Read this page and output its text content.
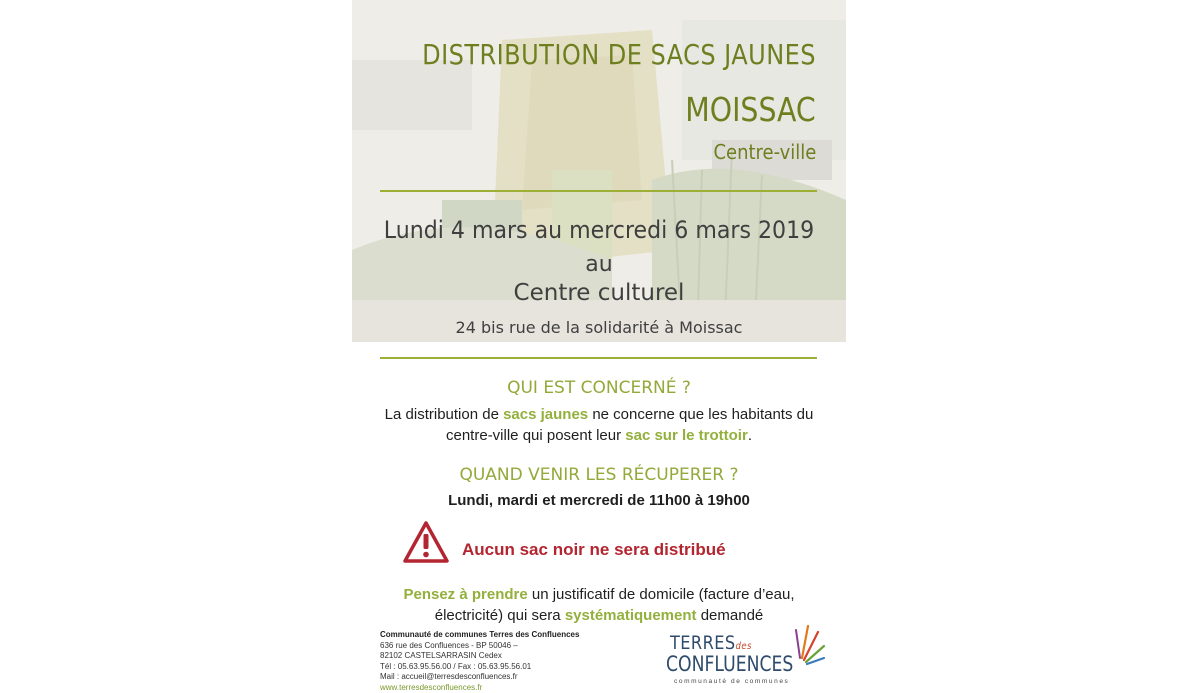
DISTRIBUTION DE SACS JAUNES
MOISSAC
Centre-ville
Lundi 4 mars au mercredi 6 mars 2019
au
Centre culturel
24 bis rue de la solidarité à Moissac
QUI EST CONCERNÉ ?
La distribution de sacs jaunes ne concerne que les habitants du centre-ville qui posent leur sac sur le trottoir.
QUAND VENIR LES RÉCUPERER ?
Lundi, mardi et mercredi de 11h00 à 19h00
Aucun sac noir ne sera distribué
Pensez à prendre un justificatif de domicile (facture d’eau, électricité) qui sera systématiquement demandé
Communauté de communes Terres des Confluences
636 rue des Confluences - BP 50046 –
82102 CASTELSARRASIN Cedex
Tél : 05.63.95.56.00 / Fax : 05.63.95.56.01
Mail : accueil@terresdesconfluences.fr
www.terresdesconfluences.fr
TERRESdes
CONFLUENCES
communauté de communes
